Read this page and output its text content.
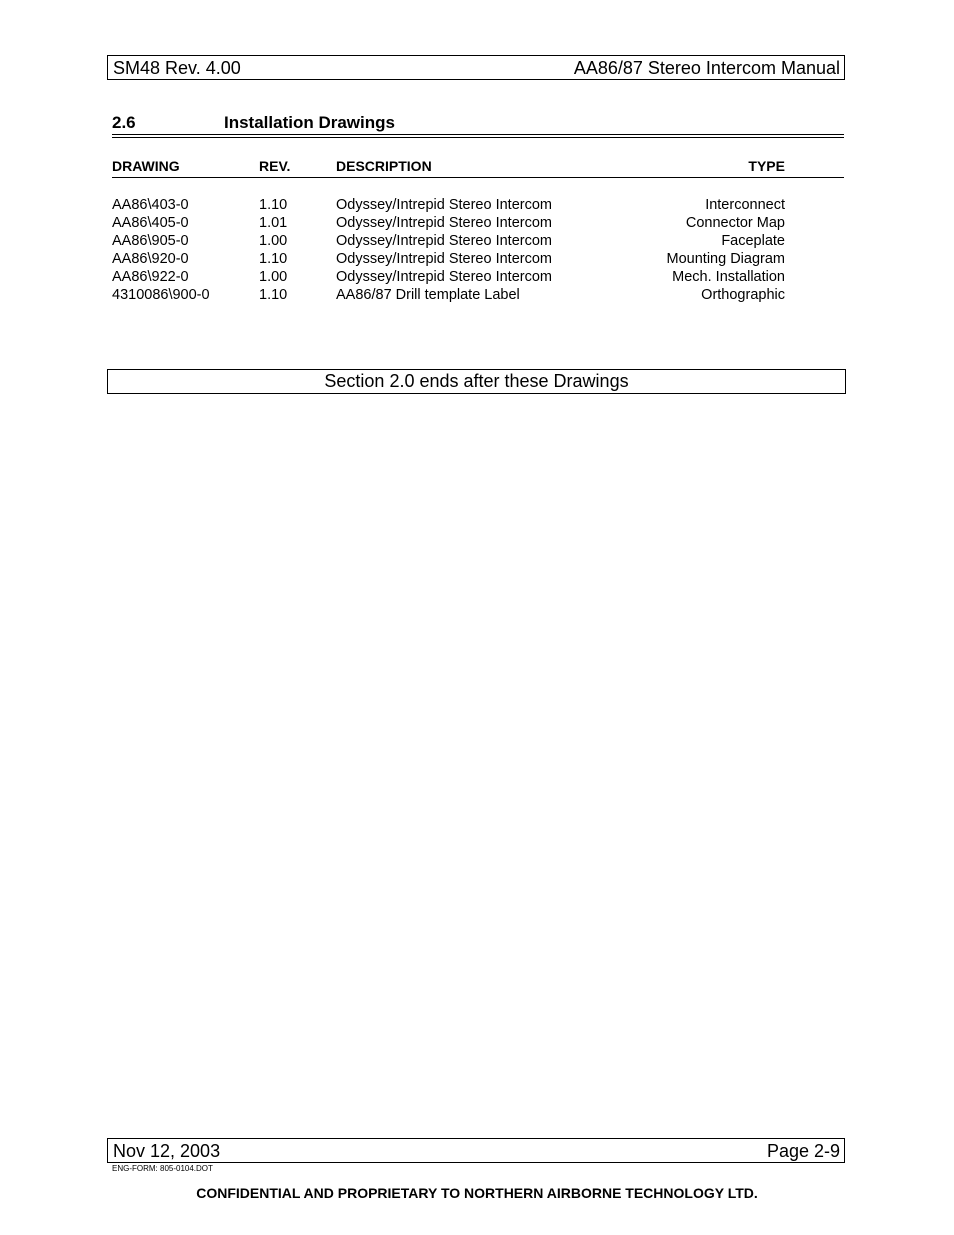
SM48 Rev. 4.00	AA86/87 Stereo Intercom Manual
2.6	Installation Drawings
DRAWING	REV.	DESCRIPTION	TYPE
AA86\403-0	1.10	Odyssey/Intrepid Stereo Intercom	Interconnect
AA86\405-0	1.01	Odyssey/Intrepid Stereo Intercom	Connector Map
AA86\905-0	1.00	Odyssey/Intrepid Stereo Intercom	Faceplate
AA86\920-0	1.10	Odyssey/Intrepid Stereo Intercom	Mounting Diagram
AA86\922-0	1.00	Odyssey/Intrepid Stereo Intercom	Mech. Installation
4310086\900-0	1.10	AA86/87 Drill template Label	Orthographic
Section 2.0 ends after these Drawings
Nov 12, 2003	Page 2-9
ENG-FORM: 805-0104.DOT
CONFIDENTIAL AND PROPRIETARY TO NORTHERN AIRBORNE TECHNOLOGY LTD.
